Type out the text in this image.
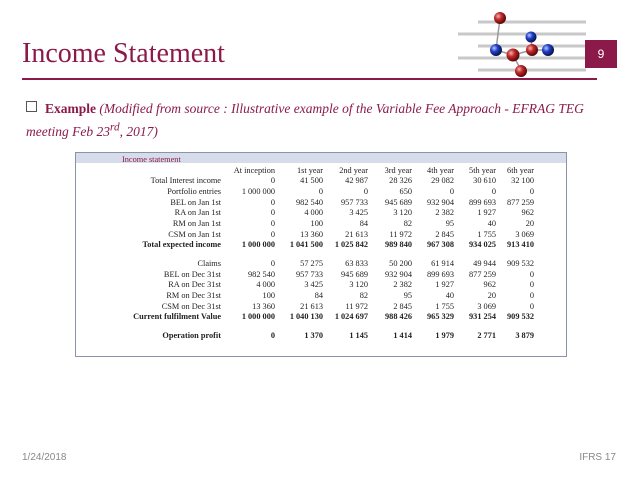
Income Statement	9
Example (Modified from source : Illustrative example of the Variable Fee Approach - EFRAG TEG meeting Feb 23rd, 2017)
Income statement							
	At inception	1st year	2nd year	3rd year	4th year	5th year	6th year
Total Interest income	0	41 500	42 987	28 326	29 082	30 610	32 100
Portfolio entries	1 000 000	0	0	650	0	0	0
BEL on Jan 1st	0	982 540	957 733	945 689	932 904	899 693	877 259
RA on Jan 1st	0	4 000	3 425	3 120	2 382	1 927	962
RM on Jan 1st	0	100	84	82	95	40	20
CSM on Jan 1st	0	13 360	21 613	11 972	2 845	1 755	3 069
Total expected income	1 000 000	1 041 500	1 025 842	989 840	967 308	934 025	913 410

Claims	0	57 275	63 833	50 200	61 914	49 944	909 532
BEL on Dec 31st	982 540	957 733	945 689	932 904	899 693	877 259	0
RA on Dec 31st	4 000	3 425	3 120	2 382	1 927	962	0
RM on Dec 31st	100	84	82	95	40	20	0
CSM on Dec 31st	13 360	21 613	11 972	2 845	1 755	3 069	0
Current fulfilment Value	1 000 000	1 040 130	1 024 697	988 426	965 329	931 254	909 532

Operation profit	0	1 370	1 145	1 414	1 979	2 771	3 879
1/24/2018	IFRS 17
